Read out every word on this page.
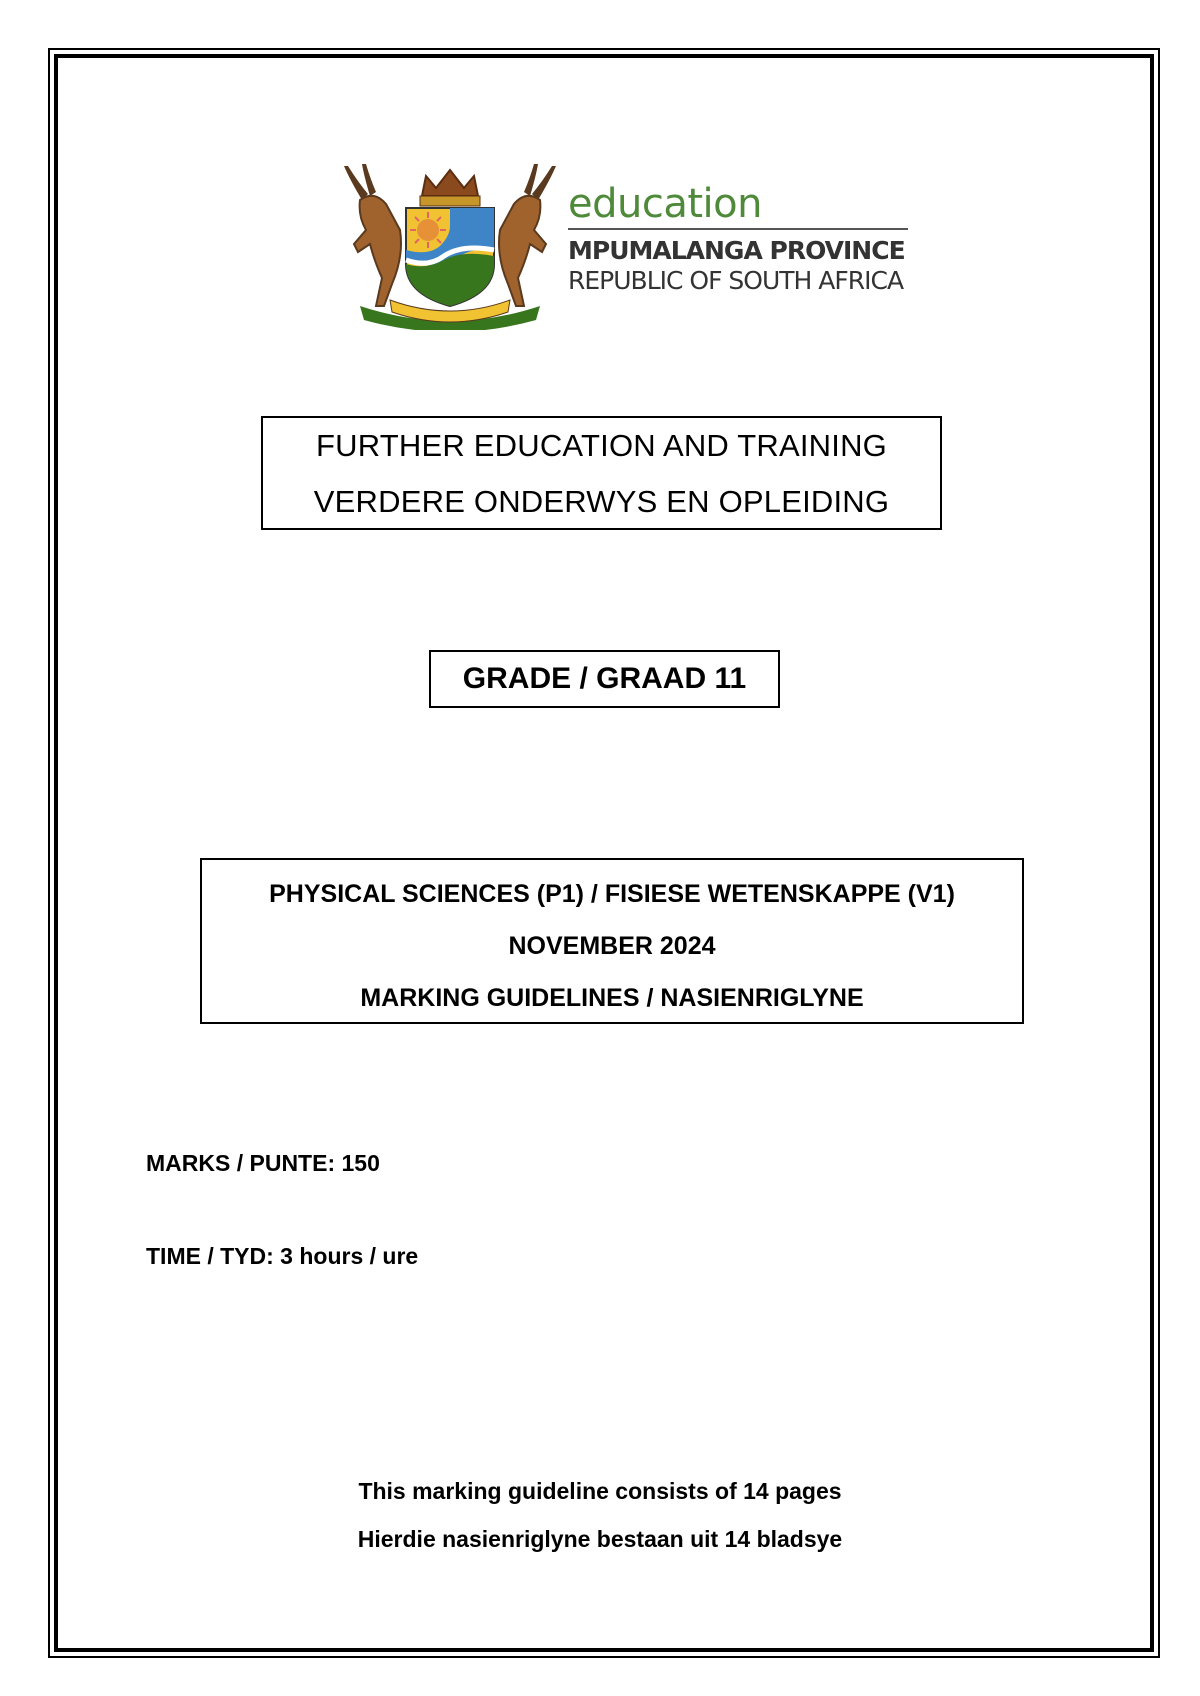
education
MPUMALANGA PROVINCE
REPUBLIC OF SOUTH AFRICA
FURTHER EDUCATION AND TRAINING
VERDERE ONDERWYS EN OPLEIDING
GRADE / GRAAD 11
PHYSICAL SCIENCES (P1) / FISIESE WETENSKAPPE (V1)
NOVEMBER 2024
MARKING GUIDELINES / NASIENRIGLYNE
MARKS / PUNTE: 150
TIME / TYD: 3 hours / ure
This marking guideline consists of 14 pages
Hierdie nasienriglyne bestaan uit 14 bladsye
